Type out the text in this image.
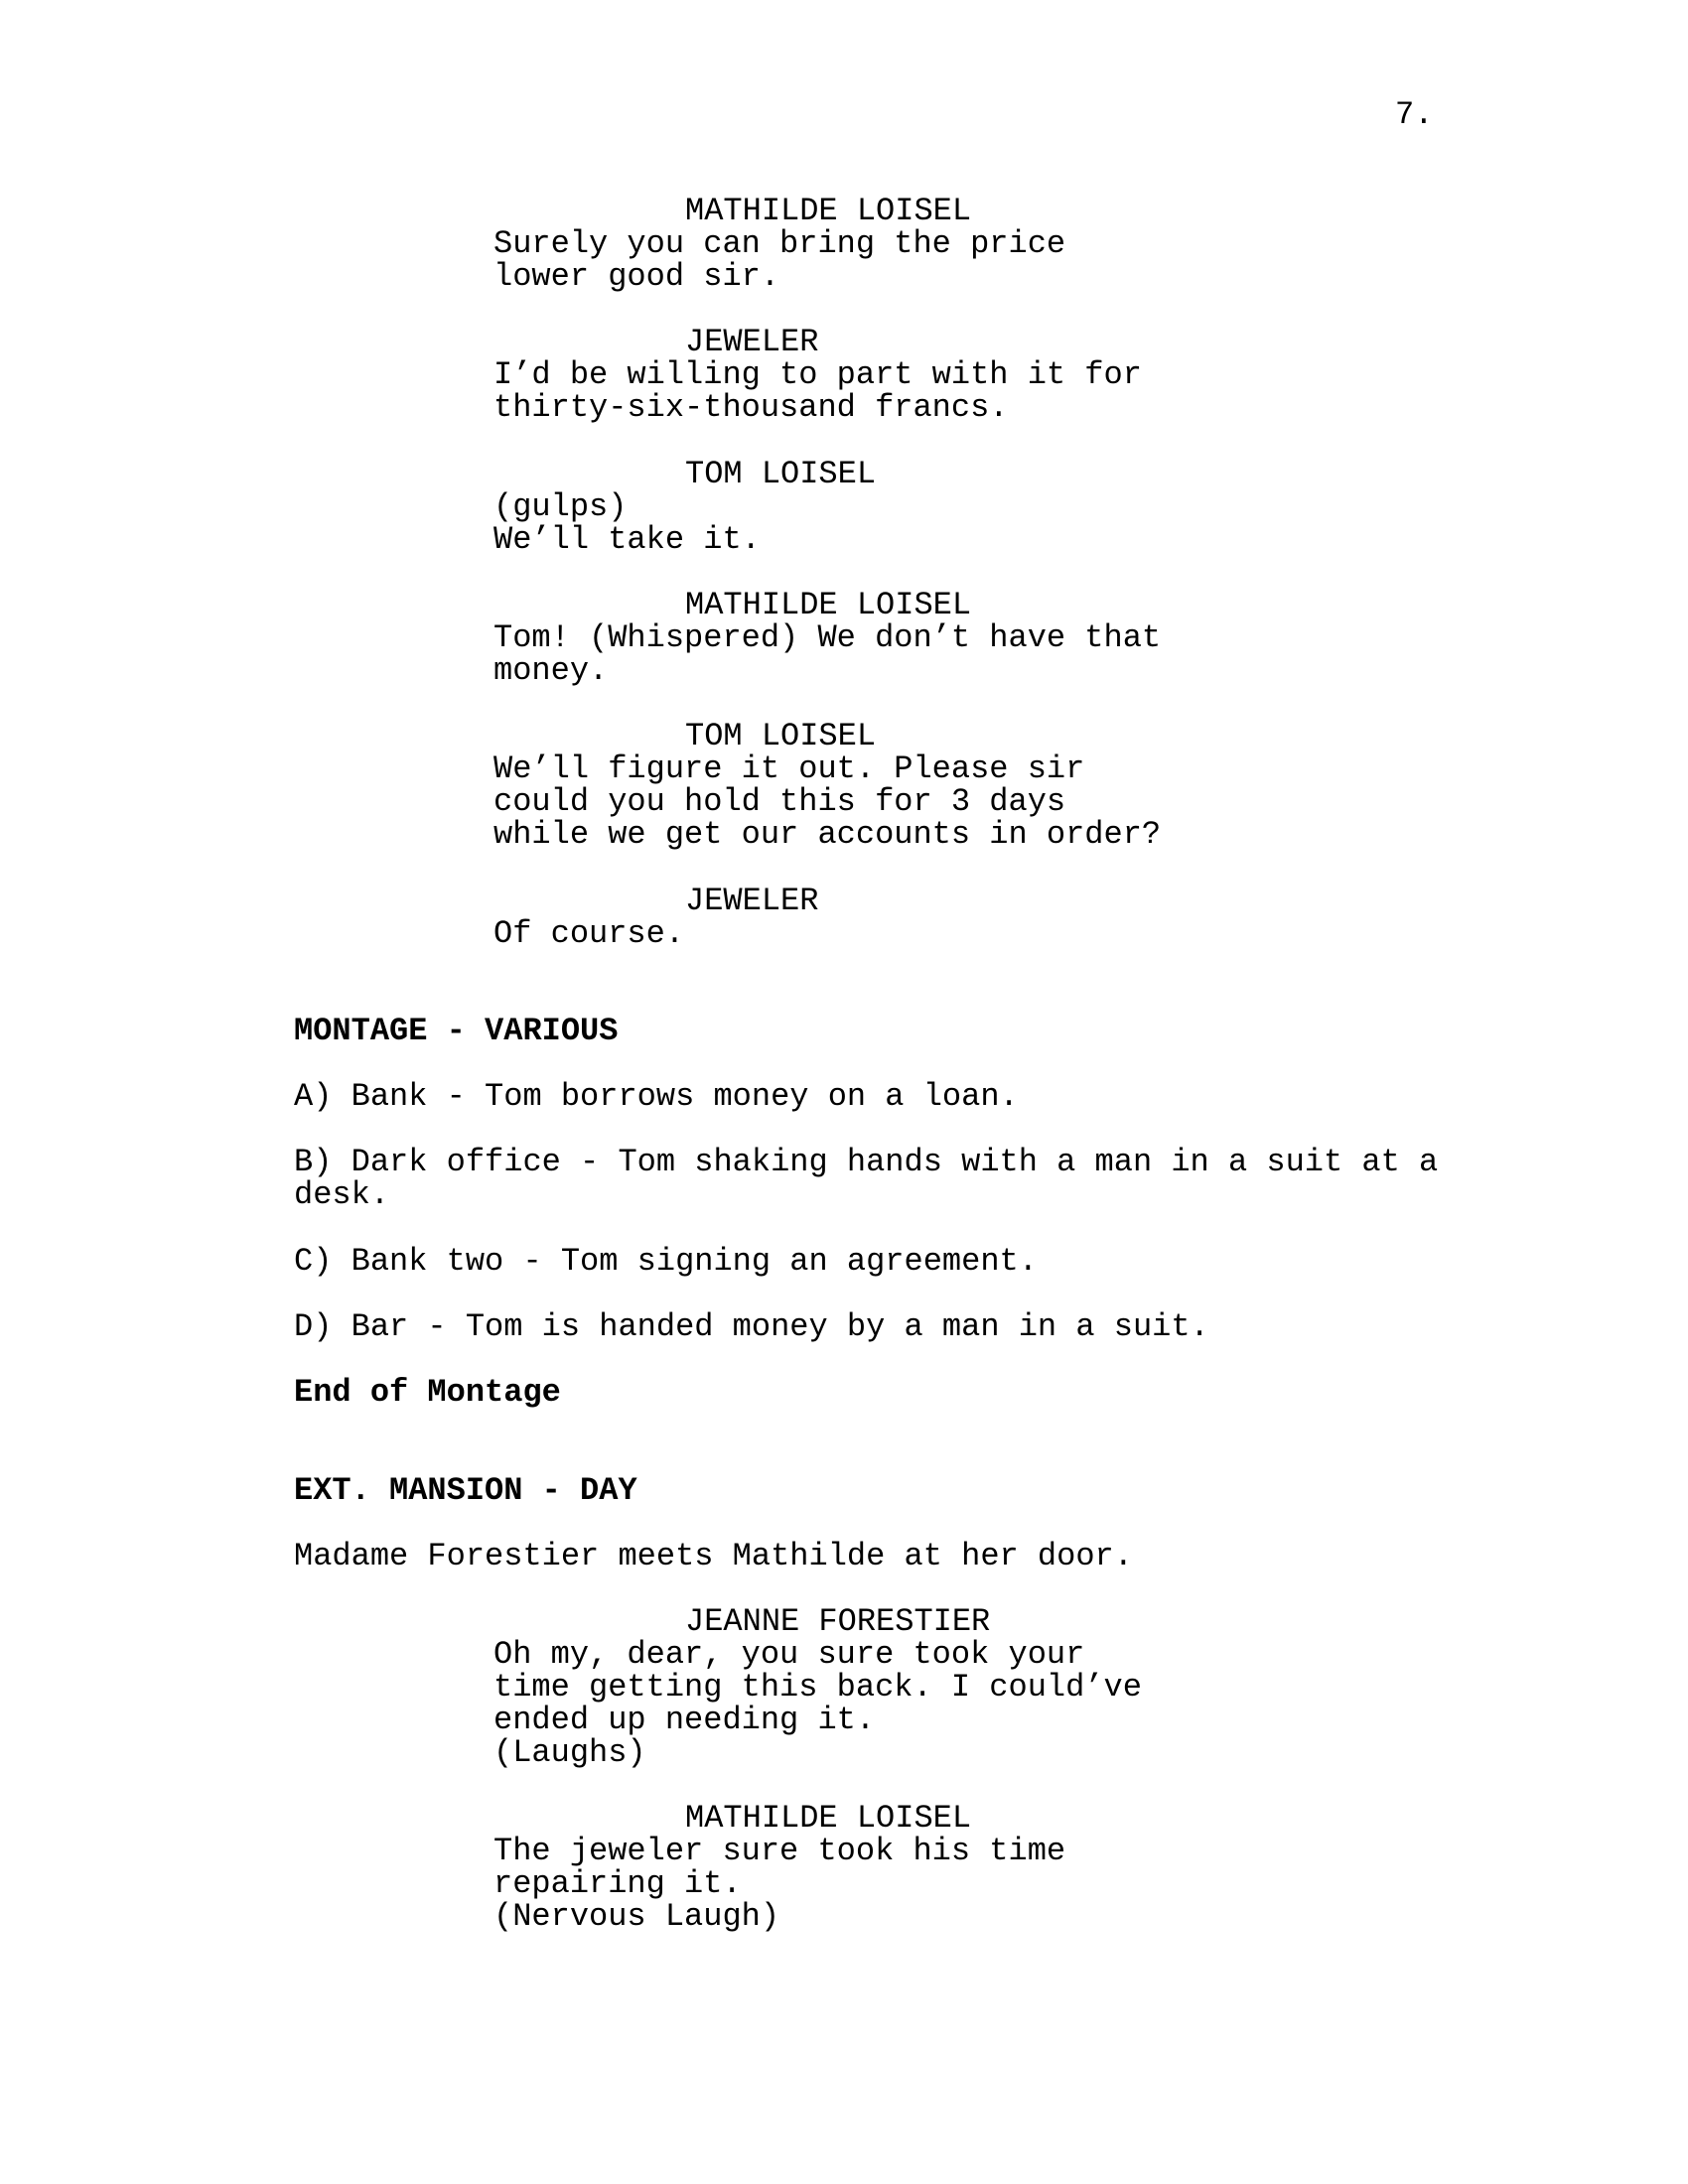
7.
MATHILDE LOISEL
Surely you can bring the price
lower good sir.
JEWELER
I’d be willing to part with it for
thirty-six-thousand francs.
TOM LOISEL
(gulps)
We’ll take it.
MATHILDE LOISEL
Tom! (Whispered) We don’t have that
money.
TOM LOISEL
We’ll figure it out. Please sir
could you hold this for 3 days
while we get our accounts in order?
JEWELER
Of course.
MONTAGE - VARIOUS
A) Bank - Tom borrows money on a loan.
B) Dark office - Tom shaking hands with a man in a suit at a
desk.
C) Bank two - Tom signing an agreement.
D) Bar - Tom is handed money by a man in a suit.
End of Montage
EXT. MANSION - DAY
Madame Forestier meets Mathilde at her door.
JEANNE FORESTIER
Oh my, dear, you sure took your
time getting this back. I could’ve
ended up needing it.
(Laughs)
MATHILDE LOISEL
The jeweler sure took his time
repairing it.
(Nervous Laugh)
